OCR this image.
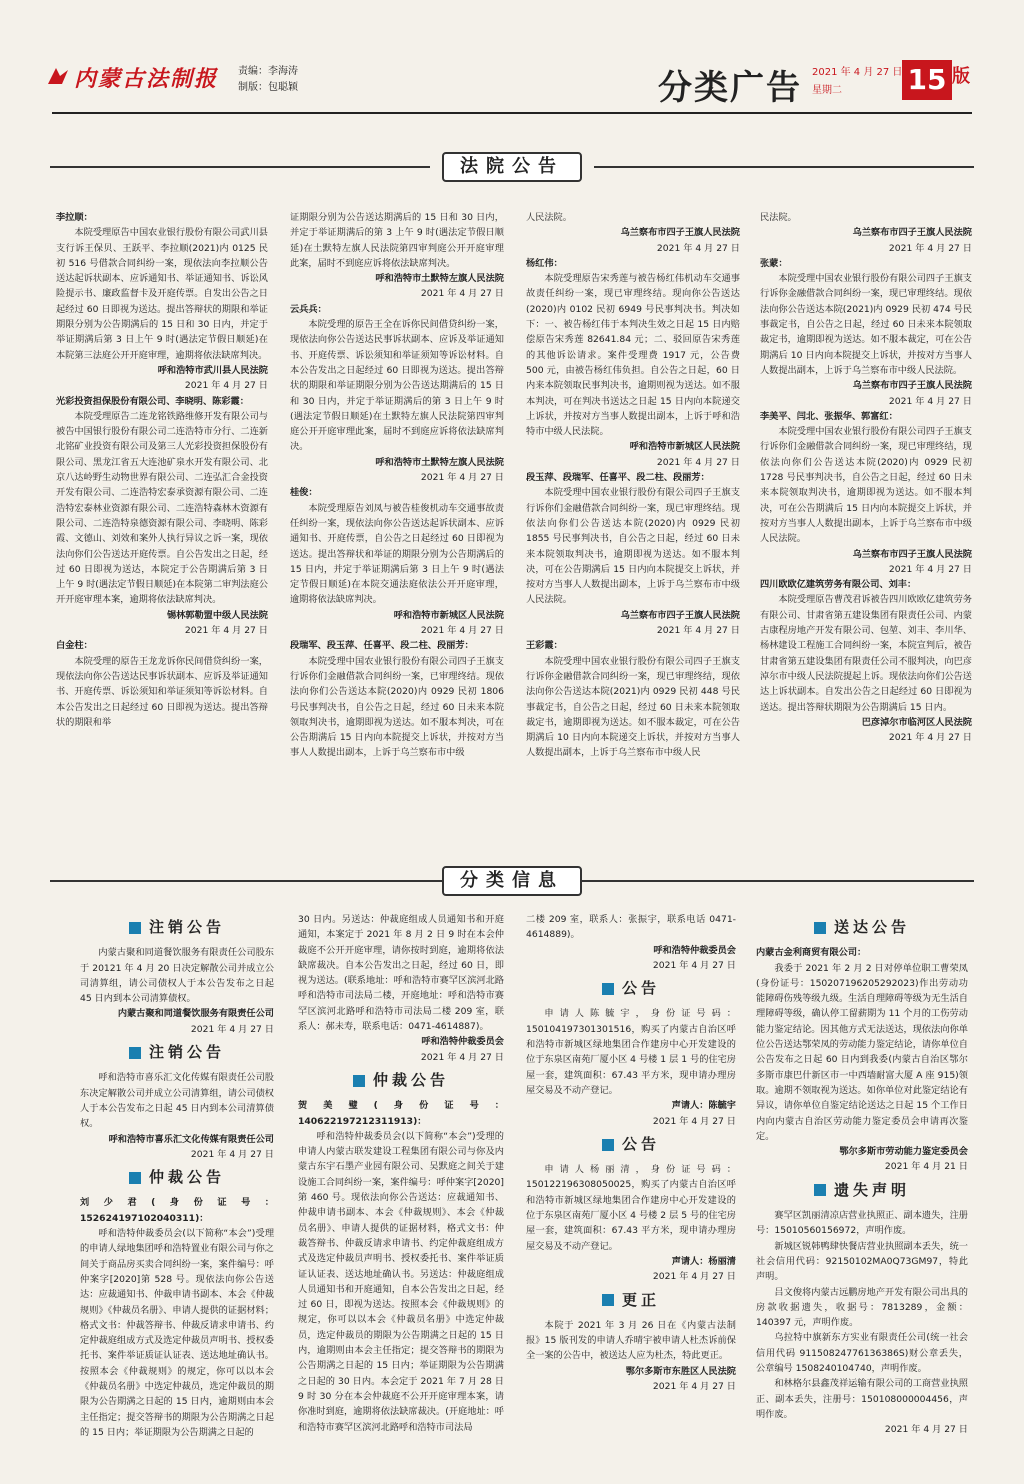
内蒙古法制报 责编：李海涛
制版：包聪颖	分类广告 2021 年 4 月 27 日
星期二	15 版
法院公告
李拉顺：
本院受理原告中国农业银行股份有限公司武川县支行诉王保贝、王跃平、李拉顺(2021)内 0125 民初 516 号借款合同纠纷一案，现依法向李拉顺公告送达起诉状副本、应诉通知书、举证通知书、诉讼风险提示书、廉政监督卡及开庭传票。自发出公告之日起经过 60 日即视为送达。提出答辩状的期限和举证期限分别为公告期满后的 15 日和 30 日内，并定于举证期满后第 3 日上午 9 时(遇法定节假日顺延)在本院第三法庭公开开庭审理，逾期将依法缺席判决。
呼和浩特市武川县人民法院
2021 年 4 月 27 日
光彩投资担保股份有限公司、李晓明、陈彩霞：
本院受理原告二连龙铭铁路维修开发有限公司与被告中国银行股份有限公司二连浩特市分行、二连新北铭矿业投资有限公司及第三人光彩投资担保股份有限公司、黑龙江省五大连池矿泉水开发有限公司、北京八达岭野生动物世界有限公司、二连弘汇合金投资开发有限公司、二连浩特宏泰承资源有限公司、二连浩特宏泰林业资源有限公司、二连浩特森林木资源有限公司、二连浩特泉德资源有限公司、李晓明、陈彩霞、文德山、刘效和案外人执行异议之诉一案，现依法向你们公告送达开庭传票。自公告发出之日起，经过 60 日即视为送达，本院定于公告期满后第 3 日上午 9 时(遇法定节假日顺延)在本院第二审判法庭公开开庭审理本案，逾期将依法缺席判决。
锡林郭勒盟中级人民法院
2021 年 4 月 27 日
白金柱：
本院受理的原告王龙龙诉你民间借贷纠纷一案，现依法向你公告送达民事诉状副本、应诉及举证通知书、开庭传票、诉讼须知和举证须知等诉讼材料。自本公告发出之日起经过 60 日即视为送达。提出答辩状的期限和举
证期限分别为公告送达期满后的 15 日和 30 日内，并定于举证期满后的第 3 上午 9 时(遇法定节假日顺延)在土默特左旗人民法院第四审判庭公开开庭审理此案，届时不到庭应诉将依法缺席判决。
呼和浩特市土默特左旗人民法院
2021 年 4 月 27 日
云兵兵：
本院受理的原告王全在诉你民间借贷纠纷一案，现依法向你公告送达民事诉状副本、应诉及举证通知书、开庭传票、诉讼须知和举证须知等诉讼材料。自本公告发出之日起经过 60 日即视为送达。提出答辩状的期限和举证期限分别为公告送达期满后的 15 日和 30 日内，并定于举证期满后的第 3 日上午 9 时(遇法定节假日顺延)在土默特左旗人民法院第四审判庭公开开庭审理此案，届时不到庭应诉将依法缺席判决。
呼和浩特市土默特左旗人民法院
2021 年 4 月 27 日
桂俊：
本院受理原告刘凤与被告桂俊机动车交通事故责任纠纷一案，现依法向你公告送达起诉状副本、应诉通知书、开庭传票，自公告之日起经过 60 日即视为送达。提出答辩状和举证的期限分别为公告期满后的 15 日内，并定于举证期满后第 3 日上午 9 时(遇法定节假日顺延)在本院交通法庭依法公开开庭审理，逾期将依法缺席判决。
呼和浩特市新城区人民法院
2021 年 4 月 27 日
段瑞军、段玉萍、任喜平、段二柱、段丽芳：
本院受理中国农业银行股份有限公司四子王旗支行诉你们金融借款合同纠纷一案，已审理终结。现依法向你们公告送达本院(2020)内 0929 民初 1806 号民事判决书，自公告之日起，经过 60 日未来本院领取判决书，逾期即视为送达。如不服本判决，可在公告期满后 15 日内向本院提交上诉状，并按对方当事人人数提出副本，上诉于乌兰察布市中级
人民法院。
乌兰察布市四子王旗人民法院
2021 年 4 月 27 日
杨红伟：
本院受理原告宋秀莲与被告杨红伟机动车交通事故责任纠纷一案，现已审理终结。现向你公告送达(2020)内 0102 民初 6949 号民事判决书。判决如下：一、被告杨红伟于本判决生效之日起 15 日内赔偿原告宋秀莲 82641.84 元；二、驳回原告宋秀莲的其他诉讼请求。案件受理费 1917 元，公告费 500 元，由被告杨红伟负担。自公告之日起，60 日内来本院领取民事判决书，逾期则视为送达。如不服本判决，可在判决书送达之日起 15 日内向本院递交上诉状，并按对方当事人数提出副本，上诉于呼和浩特市中级人民法院。
呼和浩特市新城区人民法院
2021 年 4 月 27 日
段玉萍、段瑞军、任喜平、段二柱、段丽芳：
本院受理中国农业银行股份有限公司四子王旗支行诉你们金融借款合同纠纷一案，现已审理终结。现依法向你们公告送达本院(2020)内 0929 民初 1855 号民事判决书，自公告之日起，经过 60 日未来本院领取判决书，逾期即视为送达。如不服本判决，可在公告期满后 15 日内向本院提交上诉状，并按对方当事人人数提出副本，上诉于乌兰察布市中级人民法院。
乌兰察布市四子王旗人民法院
2021 年 4 月 27 日
王彩霞：
本院受理中国农业银行股份有限公司四子王旗支行诉你金融借款合同纠纷一案，现已审理终结，现依法向你公告送达本院(2021)内 0929 民初 448 号民事裁定书，自公告之日起，经过 60 日未来本院领取裁定书，逾期即视为送达。如不服本裁定，可在公告期满后 10 日内向本院递交上诉状，并按对方当事人人数提出副本，上诉于乌兰察布市中级人民
民法院。
乌兰察布市四子王旗人民法院
2021 年 4 月 27 日
张蒙：
本院受理中国农业银行股份有限公司四子王旗支行诉你金融借款合同纠纷一案，现已审理终结。现依法向你公告送达本院(2021)内 0929 民初 474 号民事裁定书，自公告之日起，经过 60 日未来本院领取裁定书，逾期即视为送达。如不服本裁定，可在公告期满后 10 日内向本院提交上诉状，并按对方当事人人数提出副本，上诉于乌兰察布市中级人民法院。
乌兰察布市四子王旗人民法院
2021 年 4 月 27 日
李美平、闫北、张振华、郭富红：
本院受理中国农业银行股份有限公司四子王旗支行诉你们金融借款合同纠纷一案，现已审理终结，现依法向你们公告送达本院(2020)内 0929 民初 1728 号民事判决书，自公告之日起，经过 60 日未来本院领取判决书，逾期即视为送达。如不服本判决，可在公告期满后 15 日内向本院提交上诉状，并按对方当事人人数提出副本，上诉于乌兰察布市中级人民法院。
乌兰察布市四子王旗人民法院
2021 年 4 月 27 日
四川欧欧亿建筑劳务有限公司、刘丰：
本院受理原告曹茂君诉被告四川欧欧亿建筑劳务有限公司、甘肃省第五建设集团有限责任公司、内蒙古康程房地产开发有限公司、包堃、刘丰、李川华、杨林建设工程施工合同纠纷一案，本院宣判后，被告甘肃省第五建设集团有限责任公司不服判决，向巴彦淖尔市中级人民法院提起上诉。现依法向你们公告送达上诉状副本。自发出公告之日起经过 60 日即视为送达。提出答辩状期限为公告期满后 15 日内。
巴彦淖尔市临河区人民法院
2021 年 4 月 27 日
分类信息
注销公告
内蒙古聚和同道餐饮服务有限责任公司股东于 20121 年 4 月 20 日决定解散公司并成立公司清算组，请公司债权人于本公告发布之日起 45 日内到本公司清算债权。
内蒙古聚和同道餐饮服务有限责任公司
2021 年 4 月 27 日
注销公告
呼和浩特市喜乐汇文化传媒有限责任公司股东决定解散公司并成立公司清算组，请公司债权人于本公告发布之日起 45 日内到本公司清算债权。
呼和浩特市喜乐汇文化传媒有限责任公司
2021 年 4 月 27 日
仲裁公告
刘少君(身份证号：152624197102040311)：
呼和浩特仲裁委员会(以下简称“本会”)受理的申请人绿地集团呼和浩特置业有限公司与你之间关于商品房买卖合同纠纷一案，案件编号：呼仲案字[2020]第 528 号。现依法向你公告送达：应裁通知书、仲裁申请书副本、本会《仲裁规则》《仲裁员名册》、申请人提供的证据材料；格式文书：仲裁答辩书、仲裁反请求申请书、约定仲裁庭组成方式及选定仲裁员声明书、授权委托书、案件举证质证认证表、送达地址确认书。按照本会《仲裁规则》的规定，你可以以本会《仲裁员名册》中选定仲裁员，选定仲裁员的期限为公告期满之日起的 15 日内，逾期则由本会主任指定；提交答辩书的期限为公告期满之日起的 15 日内；举证期限为公告期满之日起的
30 日内。另送达：仲裁庭组成人员通知书和开庭通知，本案定于 2021 年 8 月 2 日 9 时在本会仲裁庭不公开开庭审理，请你按时到庭，逾期将依法缺席裁决。自本公告发出之日起，经过 60 日，即视为送达。(联系地址：呼和浩特市赛罕区滨河北路呼和浩特市司法局二楼，开庭地址：呼和浩特市赛罕区滨河北路呼和浩特市司法局二楼 209 室，联系人：郝未寿，联系电话：0471-4614887)。
呼和浩特仲裁委员会
2021 年 4 月 27 日
仲裁公告
贺美璧(身份证号：140622197212311913)：
呼和浩特仲裁委员会(以下简称“本会”)受理的申请人内蒙古联发建设工程集团有限公司与你及内蒙古东宇石墨产业园有限公司、吴默庭之间关于建设施工合同纠纷一案，案件编号：呼仲案字[2020]第 460 号。现依法向你公告送达：应裁通知书、仲裁申请书副本、本会《仲裁规则》、本会《仲裁员名册》、申请人提供的证据材料，格式文书：仲裁答辩书、仲裁反请求申请书、约定仲裁庭组成方式及选定仲裁员声明书、授权委托书、案件举证质证认证表、送达地址确认书。另送达：仲裁庭组成人员通知书和开庭通知，自本公告发出之日起，经过 60 日，即视为送达。按照本会《仲裁规则》的规定，你可以以本会《仲裁员名册》中选定仲裁员，选定仲裁员的期限为公告期满之日起的 15 日内，逾期则由本会主任指定；提交答辩书的期限为公告期满之日起的 15 日内；举证期限为公告期满之日起的 30 日内。本会定于 2021 年 7 月 28 日 9 时 30 分在本会仲裁庭不公开开庭审理本案，请你准时到庭，逾期将依法缺席裁决。(开庭地址：呼和浩特市赛罕区滨河北路呼和浩特市司法局
二楼 209 室，联系人：张振宇，联系电话 0471-4614889)。
呼和浩特仲裁委员会
2021 年 4 月 27 日
公告
申请人陈毓宇，身份证号码：150104197301301516，购买了内蒙古自治区呼和浩特市新城区绿地集团合作建房中心开发建设的位于东泉区南苑厂厦小区 4 号楼 1 层 1 号的住宅房屋一套，建筑面积：67.43 平方米，现申请办理房屋交易及不动产登记。
声请人：陈毓宇
2021 年 4 月 27 日
公告
申请人杨丽清，身份证号码：150122196308050025，购买了内蒙古自治区呼和浩特市新城区绿地集团合作建房中心开发建设的位于东泉区南苑厂厦小区 4 号楼 2 层 5 号的住宅房屋一套，建筑面积：67.43 平方米，现申请办理房屋交易及不动产登记。
声请人：杨丽清
2021 年 4 月 27 日
更正
本院于 2021 年 3 月 26 日在《内蒙古法制报》15 版刊发的申请人乔晴宇被申请人杜杰诉前保全一案的公告中，被送达人应为杜杰，特此更正。
鄂尔多斯市东胜区人民法院
2021 年 4 月 27 日
送达公告
内蒙古金利商贸有限公司：
我委于 2021 年 2 月 2 日对停单位职工曹荣凤(身份证号：150207196205292023)作出劳动功能障碍伤残等级九级。生活自理障碍等级为无生活自理障碍等级，确认停工留薪期为 11 个月的工伤劳动能力鉴定结论。因其他方式无法送达，现依法向你单位公告送达鄂荣凤的劳动能力鉴定结论，请你单位自公告发布之日起 60 日内到我委(内蒙古自治区鄂尔多斯市康巴什新区市一中西墙耐富大厦 A 座 915)领取。逾期不领取视为送达。如你单位对此鉴定结论有异议，请你单位自鉴定结论送达之日起 15 个工作日内向内蒙古自治区劳动能力鉴定委员会申请再次鉴定。
鄂尔多斯市劳动能力鉴定委员会
2021 年 4 月 21 日
遗失声明
赛罕区凯丽清凉店营业执照正、副本遗失，注册号：15010560156972，声明作废。
新城区锐韩鸭肆快餐店营业执照副本丢失，统一社会信用代码：92150102MA0Q73GM97，特此声明。
吕文俊将内蒙古远鹏房地产开发有限公司出具的房款收据遗失，收据号：7813289，金额：140397 元，声明作废。
乌拉特中旗新东方实业有限责任公司(统一社会信用代码 91150824776136386S)财公章丢失，公章编号 1508240104740，声明作废。
和林格尔县鑫茂祥运输有限公司的工商营业执照正、副本丢失，注册号：150108000004456，声明作废。
2021 年 4 月 27 日
